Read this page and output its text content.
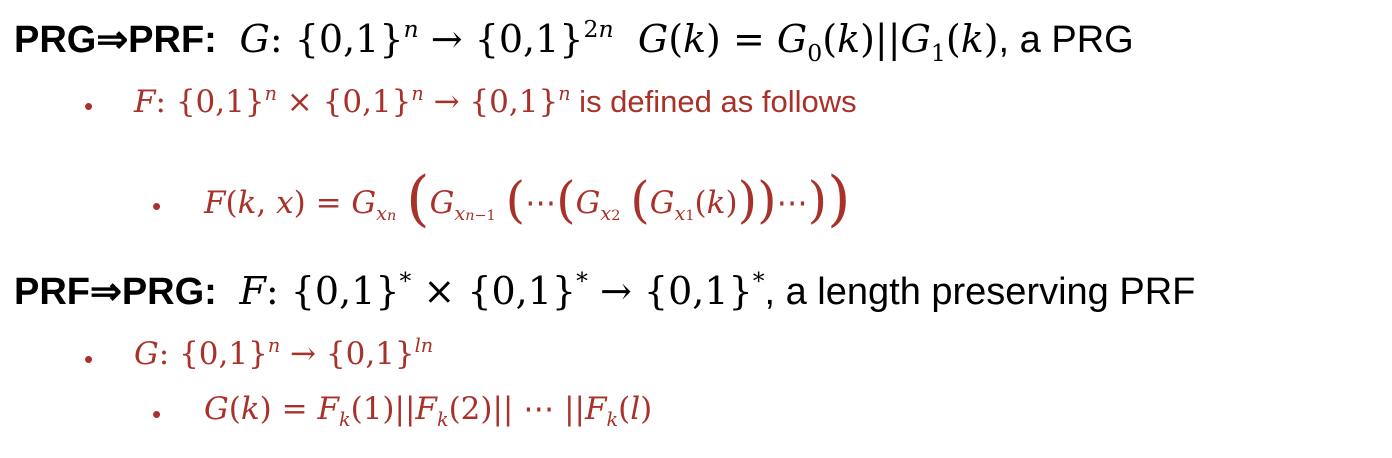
PRG⇒PRF: G: $\{0,1\}^n \to \{0,1\}^{2n}$ $G(k) = G_0(k)||G_1(k)$, a PRG
• F: $\{0,1\}^n \times \{0,1\}^n \to \{0,1\}^n$ is defined as follows
• F(k, $x) = G_{xn}$ ($G_{xn-1}$ ($\cdots(G_{x2}$ $(G_{x1}(k)))\cdots$))
PRF⇒PRG: F: {0,1}* × {0,1}* → {0,1}*, a length preserving PRF
• G: $\{0,1\}^n \to \{0,1\}^{ln}$
• $G(k) = F_k(1)||F_k(2)||$ ⋯ $||F_k(l)$
